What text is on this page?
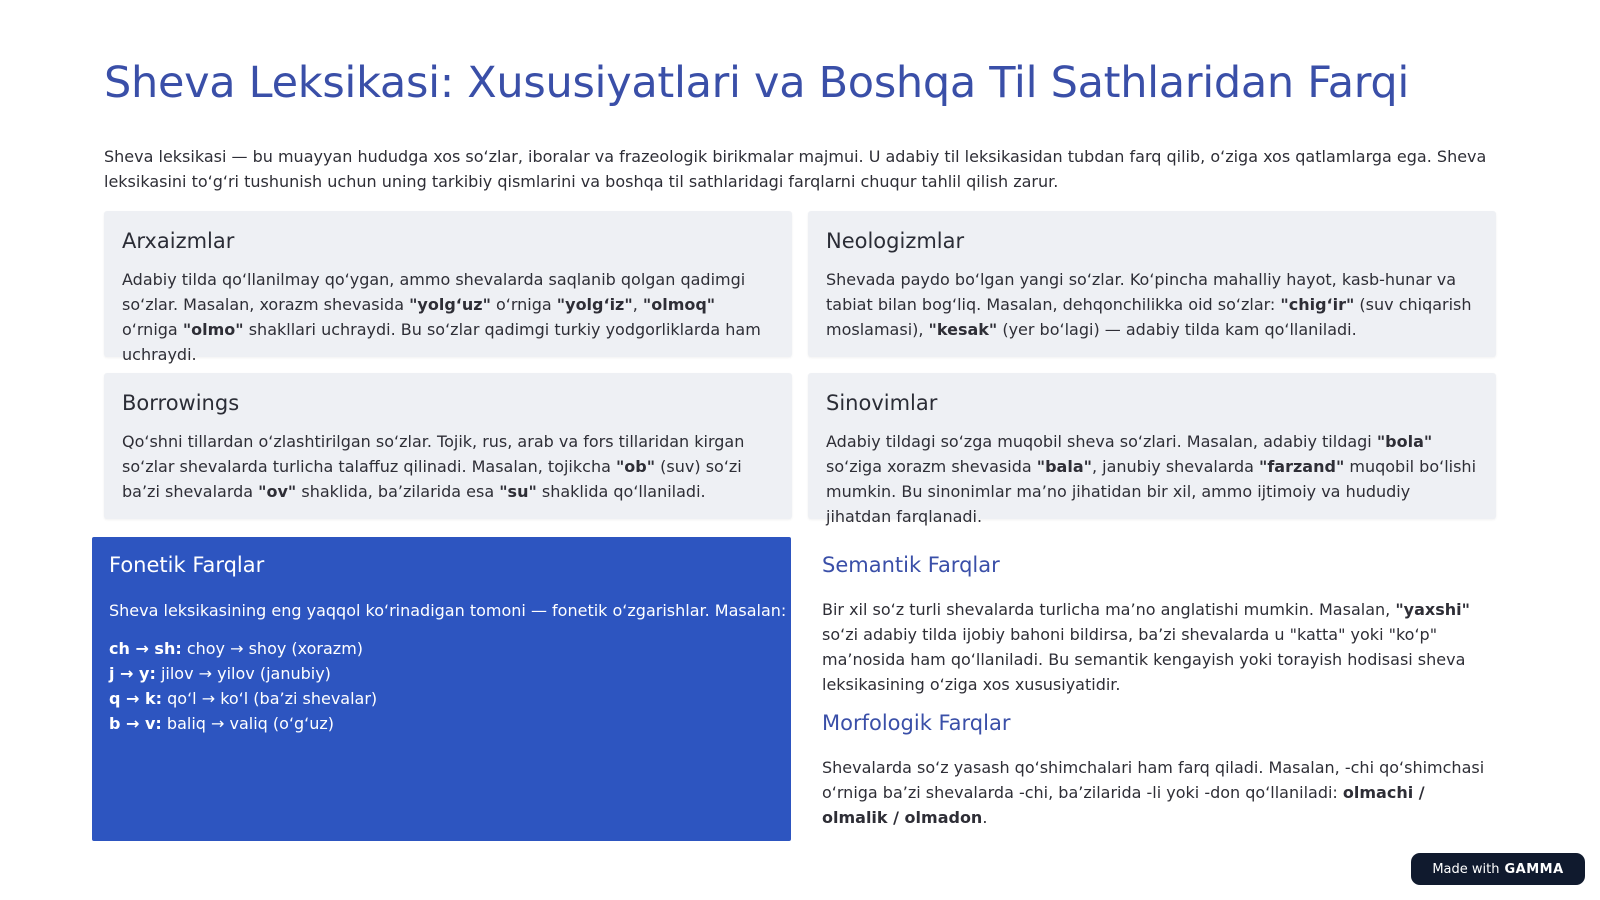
Sheva Leksikasi: Xususiyatlari va Boshqa Til Sathlaridan Farqi

Sheva leksikasi — bu muayyan hududga xos so‘zlar, iboralar va frazeologik birikmalar majmui. U adabiy til leksikasidan tubdan farq qilib, o‘ziga xos qatlamlarga ega. Sheva leksikasini to‘g‘ri tushunish uchun uning tarkibiy qismlarini va boshqa til sathlaridagi farqlarni chuqur tahlil qilish zarur.

Arxaizmlar

Adabiy tilda qo‘llanilmay qo‘ygan, ammo shevalarda saqlanib qolgan qadimgi so‘zlar. Masalan, xorazm shevasida "yolg‘uz" o‘rniga "yolg‘iz", "olmoq" o‘rniga "olmo" shakllari uchraydi. Bu so‘zlar qadimgi turkiy yodgorliklarda ham uchraydi.

Neologizmlar

Shevada paydo bo‘lgan yangi so‘zlar. Ko‘pincha mahalliy hayot, kasb-hunar va tabiat bilan bog‘liq. Masalan, dehqonchilikka oid so‘zlar: "chig‘ir" (suv chiqarish moslamasi), "kesak" (yer bo‘lagi) — adabiy tilda kam qo‘llaniladi.

Borrowings

Qo‘shni tillardan o‘zlashtirilgan so‘zlar. Tojik, rus, arab va fors tillaridan kirgan so‘zlar shevalarda turlicha talaffuz qilinadi. Masalan, tojikcha "ob" (suv) so‘zi ba’zi shevalarda "ov" shaklida, ba’zilarida esa "su" shaklida qo‘llaniladi.

Sinovimlar

Adabiy tildagi so‘zga muqobil sheva so‘zlari. Masalan, adabiy tildagi "bola" so‘ziga xorazm shevasida "bala", janubiy shevalarda "farzand" muqobil bo‘lishi mumkin. Bu sinonimlar ma’no jihatidan bir xil, ammo ijtimoiy va hududiy jihatdan farqlanadi.

Fonetik Farqlar

Sheva leksikasining eng yaqqol ko‘rinadigan tomoni — fonetik o‘zgarishlar. Masalan:

ch → sh: choy → shoy (xorazm)
j → y: jilov → yilov (janubiy)
q → k: qo‘l → ko‘l (ba’zi shevalar)
b → v: baliq → valiq (o‘g‘uz)
Semantik Farqlar

Bir xil so‘z turli shevalarda turlicha ma’no anglatishi mumkin. Masalan, "yaxshi" so‘zi adabiy tilda ijobiy bahoni bildirsa, ba’zi shevalarda u "katta" yoki "ko‘p" ma’nosida ham qo‘llaniladi. Bu semantik kengayish yoki torayish hodisasi sheva leksikasining o‘ziga xos xususiyatidir.

Morfologik Farqlar

Shevalarda so‘z yasash qo‘shimchalari ham farq qiladi. Masalan, -chi qo‘shimchasi o‘rniga ba’zi shevalarda -chi, ba’zilarida -li yoki -don qo‘llaniladi: olmachi / olmalik / olmadon.

Made with GAMMA
